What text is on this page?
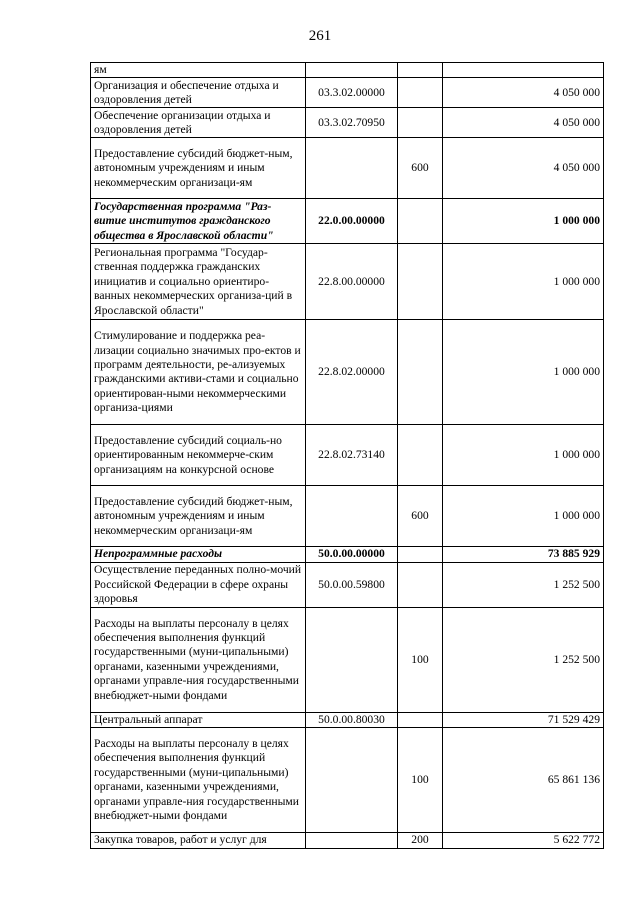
261
ям			
Организация и обеспечение отдыха и оздоровления детей	03.3.02.00000		4 050 000
Обеспечение организации отдыха и оздоровления детей	03.3.02.70950		4 050 000
Предоставление субсидий бюджет-ным, автономным учреждениям и иным некоммерческим организаци-ям		600	4 050 000
Государственная программа "Раз-витие институтов гражданского общества в Ярославской области"	22.0.00.00000		1 000 000
Региональная программа "Государ-ственная поддержка гражданских инициатив и социально ориентиро-ванных некоммерческих организа-ций в Ярославской области"	22.8.00.00000		1 000 000
Стимулирование и поддержка реа-лизации социально значимых про-ектов и программ деятельности, ре-ализуемых гражданскими активи-стами и социально ориентирован-ными некоммерческими организа-циями	22.8.02.00000		1 000 000
Предоставление субсидий социаль-но ориентированным некоммерче-ским организациям на конкурсной основе	22.8.02.73140		1 000 000
Предоставление субсидий бюджет-ным, автономным учреждениям и иным некоммерческим организаци-ям		600	1 000 000
Непрограммные расходы	50.0.00.00000		73 885 929
Осуществление переданных полно-мочий Российской Федерации в сфере охраны здоровья	50.0.00.59800		1 252 500
Расходы на выплаты персоналу в целях обеспечения выполнения функций государственными (муни-ципальными) органами, казенными учреждениями, органами управле-ния государственными внебюджет-ными фондами		100	1 252 500
Центральный аппарат	50.0.00.80030		71 529 429
Расходы на выплаты персоналу в целях обеспечения выполнения функций государственными (муни-ципальными) органами, казенными учреждениями, органами управле-ния государственными внебюджет-ными фондами		100	65 861 136
Закупка товаров, работ и услуг для		200	5 622 772
